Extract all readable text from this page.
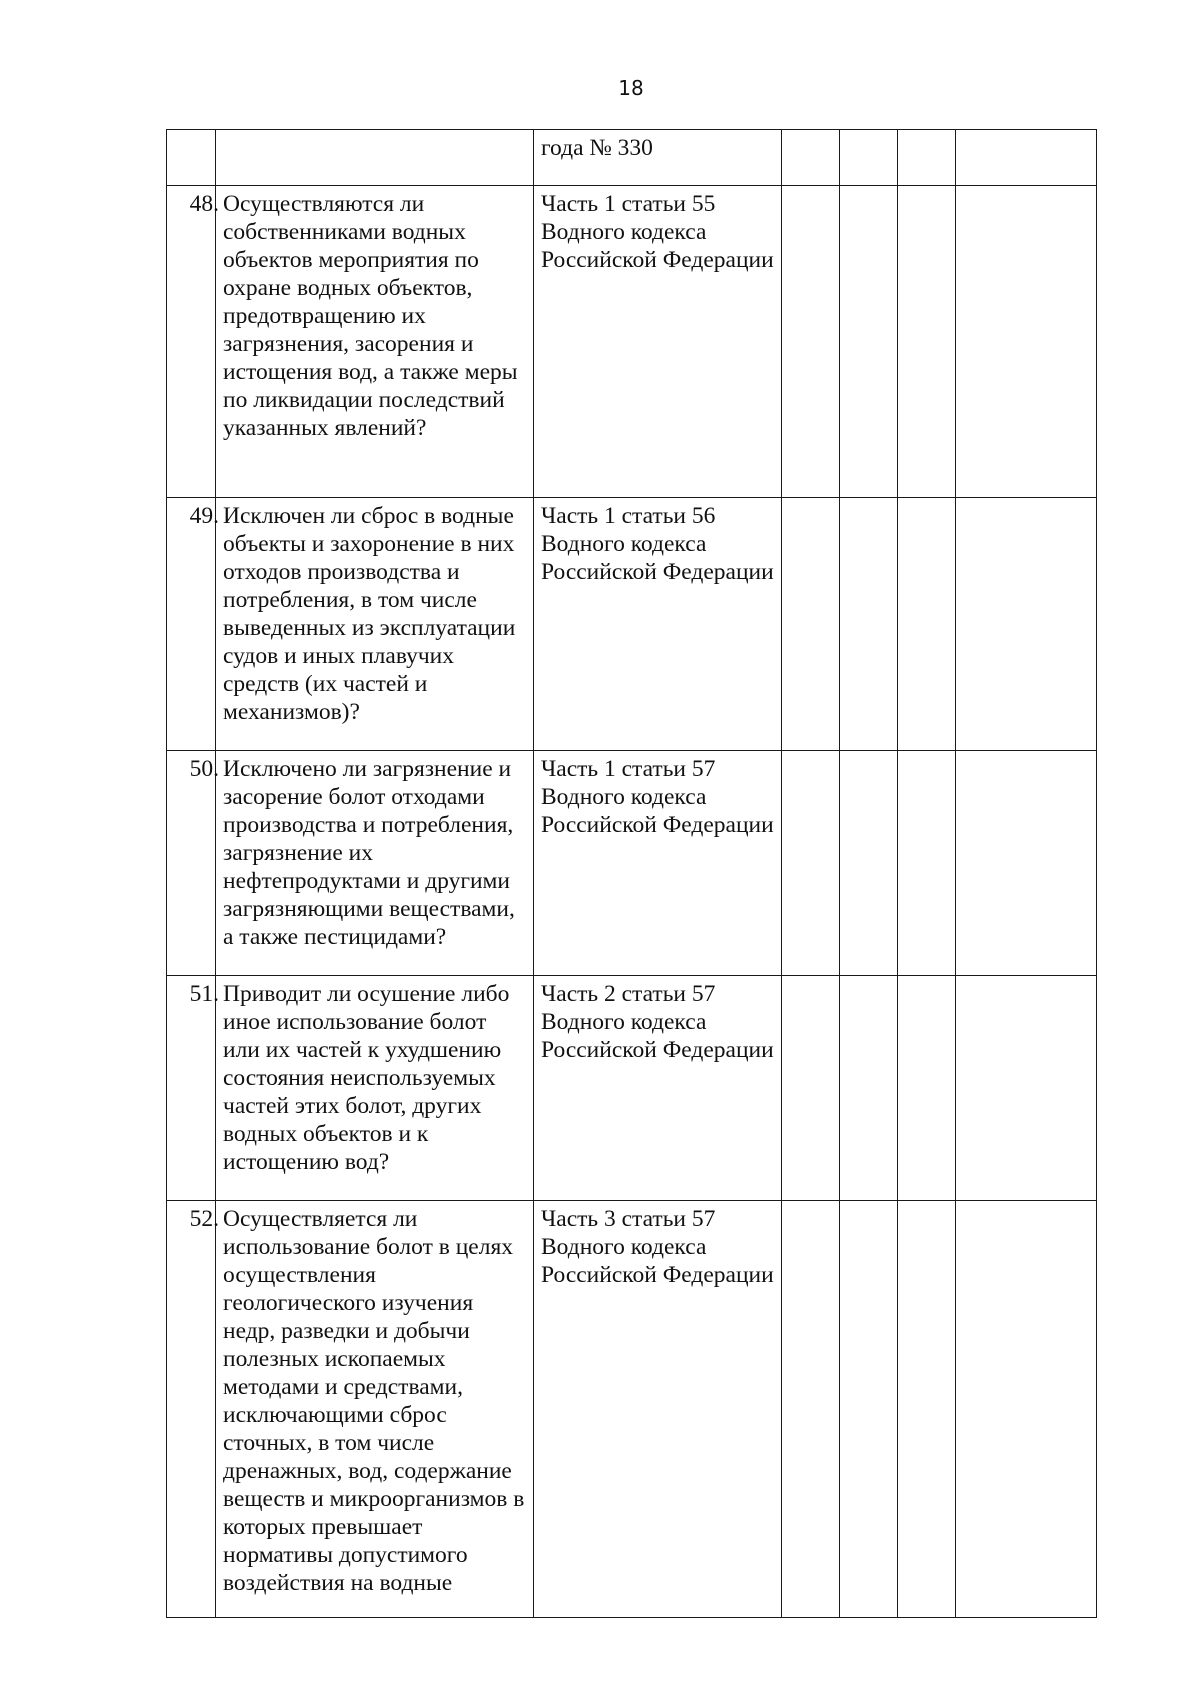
18
		года № 330				
48.	Осуществляются ли собственниками водных объектов мероприятия по охране водных объектов, предотвращению их загрязнения, засорения и истощения вод, а также меры по ликвидации последствий указанных явлений?	Часть 1 статьи 55 Водного кодекса Российской Федерации				
49.	Исключен ли сброс в водные объекты и захоронение в них отходов производства и потребления, в том числе выведенных из эксплуатации судов и иных плавучих средств (их частей и механизмов)?	Часть 1 статьи 56 Водного кодекса Российской Федерации				
50.	Исключено ли загрязнение и засорение болот отходами производства и потребления, загрязнение их нефтепродуктами и другими загрязняющими веществами, а также пестицидами?	Часть 1 статьи 57 Водного кодекса Российской Федерации				
51.	Приводит ли осушение либо иное использование болот или их частей к ухудшению состояния неиспользуемых частей этих болот, других водных объектов и к истощению вод?	Часть 2 статьи 57 Водного кодекса Российской Федерации				
52.	Осуществляется ли использование болот в целях осуществления геологического изучения недр, разведки и добычи полезных ископаемых методами и средствами, исключающими сброс сточных, в том числе дренажных, вод, содержание веществ и микроорганизмов в которых превышает нормативы допустимого воздействия на водные	Часть 3 статьи 57 Водного кодекса Российской Федерации				
